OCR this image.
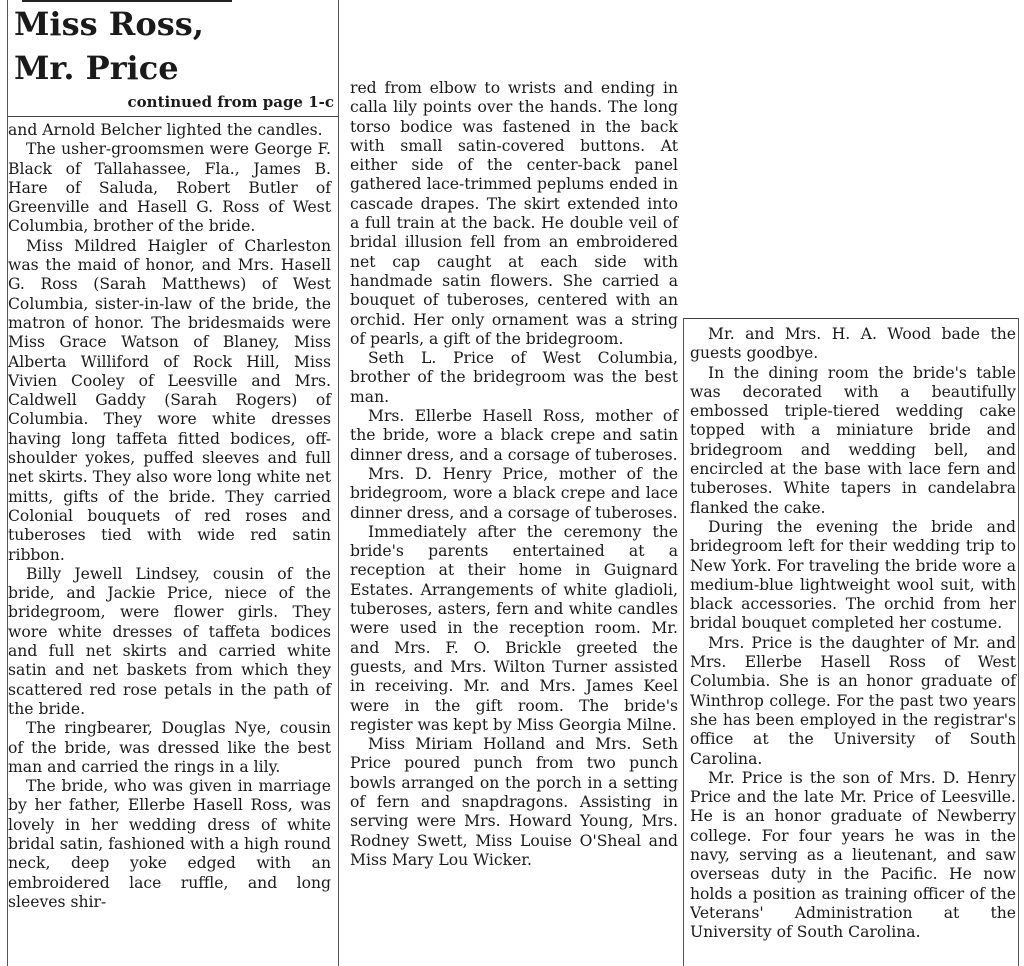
Miss Ross,
Mr. Price
continued from page 1-c

and Arnold Belcher lighted the candles.

The usher-groomsmen were George F. Black of Tallahassee, Fla., James B. Hare of Saluda, Robert Butler of Greenville and Hasell G. Ross of West Columbia, brother of the bride.

Miss Mildred Haigler of Charleston was the maid of honor, and Mrs. Hasell G. Ross (Sarah Matthews) of West Columbia, sister-in-law of the bride, the matron of honor. The bridesmaids were Miss Grace Watson of Blaney, Miss Alberta Williford of Rock Hill, Miss Vivien Cooley of Leesville and Mrs. Caldwell Gaddy (Sarah Rogers) of Columbia. They wore white dresses having long taffeta fitted bodices, off-shoulder yokes, puffed sleeves and full net skirts. They also wore long white net mitts, gifts of the bride. They carried Colonial bouquets of red roses and tuberoses tied with wide red satin ribbon.

Billy Jewell Lindsey, cousin of the bride, and Jackie Price, niece of the bridegroom, were flower girls. They wore white dresses of taffeta bodices and full net skirts and carried white satin and net baskets from which they scattered red rose petals in the path of the bride.

The ringbearer, Douglas Nye, cousin of the bride, was dressed like the best man and carried the rings in a lily.

The bride, who was given in marriage by her father, Ellerbe Hasell Ross, was lovely in her wedding dress of white bridal satin, fashioned with a high round neck, deep yoke edged with an embroidered lace ruffle, and long sleeves shir-

red from elbow to wrists and ending in calla lily points over the hands. The long torso bodice was fastened in the back with small satin-covered buttons. At either side of the center-back panel gathered lace-trimmed peplums ended in cascade drapes. The skirt extended into a full train at the back. He double veil of bridal illusion fell from an embroidered net cap caught at each side with handmade satin flowers. She carried a bouquet of tuberoses, centered with an orchid. Her only ornament was a string of pearls, a gift of the bridegroom.

Seth L. Price of West Columbia, brother of the bridegroom was the best man.

Mrs. Ellerbe Hasell Ross, mother of the bride, wore a black crepe and satin dinner dress, and a corsage of tuberoses.

Mrs. D. Henry Price, mother of the bridegroom, wore a black crepe and lace dinner dress, and a corsage of tuberoses.

Immediately after the ceremony the bride's parents entertained at a reception at their home in Guignard Estates. Arrangements of white gladioli, tuberoses, asters, fern and white candles were used in the reception room. Mr. and Mrs. F. O. Brickle greeted the guests, and Mrs. Wilton Turner assisted in receiving. Mr. and Mrs. James Keel were in the gift room. The bride's register was kept by Miss Georgia Milne.

Miss Miriam Holland and Mrs. Seth Price poured punch from two punch bowls arranged on the porch in a setting of fern and snapdragons. Assisting in serving were Mrs. Howard Young, Mrs. Rodney Swett, Miss Louise O'Sheal and Miss Mary Lou Wicker.

Mr. and Mrs. H. A. Wood bade the guests goodbye.

In the dining room the bride's table was decorated with a beautifully embossed triple-tiered wedding cake topped with a miniature bride and bridegroom and wedding bell, and encircled at the base with lace fern and tuberoses. White tapers in candelabra flanked the cake.

During the evening the bride and bridegroom left for their wedding trip to New York. For traveling the bride wore a medium-blue lightweight wool suit, with black accessories. The orchid from her bridal bouquet completed her costume.

Mrs. Price is the daughter of Mr. and Mrs. Ellerbe Hasell Ross of West Columbia. She is an honor graduate of Winthrop college. For the past two years she has been employed in the registrar's office at the University of South Carolina.

Mr. Price is the son of Mrs. D. Henry Price and the late Mr. Price of Leesville. He is an honor graduate of Newberry college. For four years he was in the navy, serving as a lieutenant, and saw overseas duty in the Pacific. He now holds a position as training officer of the Veterans' Administration at the University of South Carolina.
